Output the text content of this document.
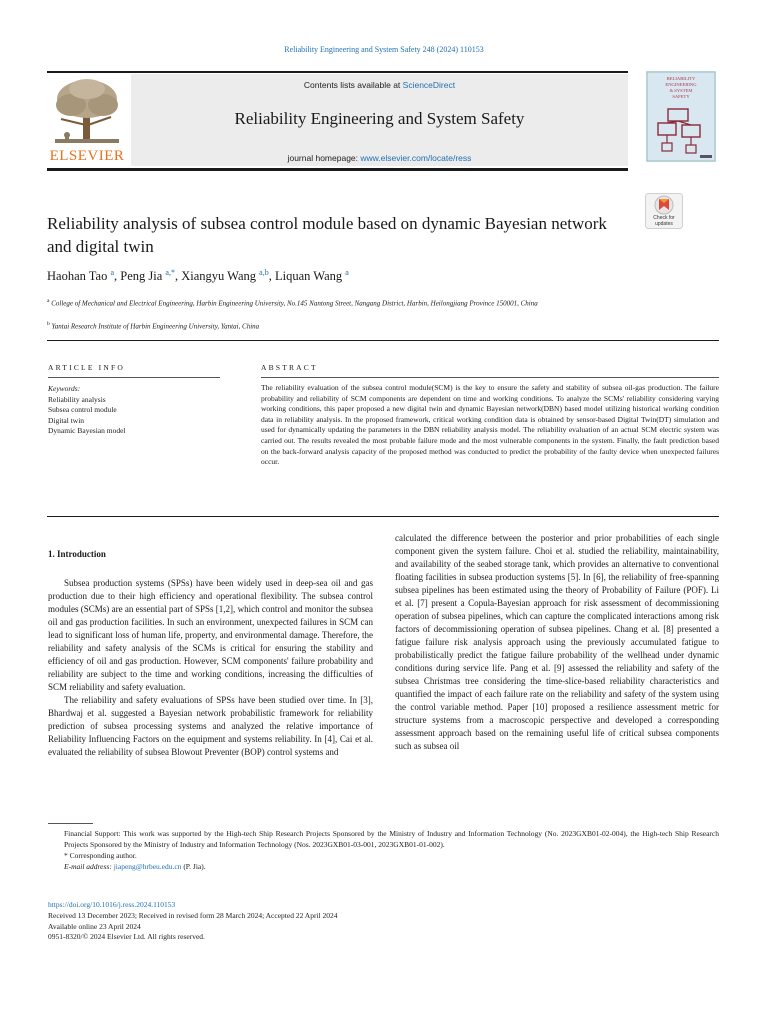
Reliability Engineering and System Safety 248 (2024) 110153
ELSEVIER
Contents lists available at ScienceDirect
Reliability Engineering and System Safety
journal homepage: www.elsevier.com/locate/ress
RELIABILITY
ENGINEERING
& SYSTEM
SAFETY
Reliability analysis of subsea control module based on dynamic Bayesian network and digital twin
Check for
updates
Haohan Tao $^a$, Peng Jia $^{a,*}$, Xiangyu Wang $^{a,b}$, Liquan Wang $^a$
$^a$ College of Mechanical and Electrical Engineering, Harbin Engineering University, No.145 Nantong Street, Nangang District, Harbin, Heilongjiang Province 150001, China
$^b$ Yantai Research Institute of Harbin Engineering University, Yantai, China
ARTICLE INFO
Keywords:
Reliability analysis
Subsea control module
Digital twin
Dynamic Bayesian model
ABSTRACT
The reliability evaluation of the subsea control module(SCM) is the key to ensure the safety and stability of subsea oil-gas production. The failure probability and reliability of SCM components are dependent on time and working conditions. To analyze the SCMs' reliability considering varying working conditions, this paper proposed a new digital twin and dynamic Bayesian network(DBN) based model utilizing historical working condition data in reliability analysis. In the proposed framework, critical working condition data is obtained by sensor-based Digital Twin(DT) simulation and used for dynamically updating the parameters in the DBN reliability analysis model. The reliability evaluation of an actual SCM electric system was carried out. The results revealed the most probable failure mode and the most vulnerable components in the system. Finally, the fault prediction based on the back-forward analysis capacity of the proposed method was conducted to predict the probability of the faulty device when unexpected failures occur.
1. Introduction

Subsea production systems (SPSs) have been widely used in deep-sea oil and gas production due to their high efficiency and operational flexibility. The subsea control modules (SCMs) are an essential part of SPSs [1,2], which control and monitor the subsea oil and gas production facilities. In such an environment, unexpected failures in SCM can lead to significant loss of human life, property, and environmental damage. Therefore, the reliability and safety analysis of the SCMs is critical for ensuring the stability and efficiency of oil and gas production. However, SCM components' failure probability and reliability are subject to the time and working conditions, increasing the difficulties of SCM reliability and safety evaluation.

The reliability and safety evaluations of SPSs have been studied over time. In [3], Bhardwaj et al. suggested a Bayesian network probabilistic framework for reliability prediction of subsea processing systems and analyzed the relative importance of Reliability Influencing Factors on the equipment and systems reliability. In [4], Cai et al. evaluated the reliability of subsea Blowout Preventer (BOP) control systems and

calculated the difference between the posterior and prior probabilities of each single component given the system failure. Choi et al. studied the reliability, maintainability, and availability of the seabed storage tank, which provides an alternative to conventional floating facilities in subsea production systems [5]. In [6], the reliability of free-spanning subsea pipelines has been estimated using the theory of Probability of Failure (POF). Li et al. [7] present a Copula-Bayesian approach for risk assessment of decommissioning operation of subsea pipelines, which can capture the complicated interactions among risk factors of decommissioning operation of subsea pipelines. Chang et al. [8] presented a fatigue failure risk analysis approach using the previously accumulated fatigue to probabilistically predict the fatigue failure probability of the wellhead under dynamic conditions during service life. Pang et al. [9] assessed the reliability and safety of the subsea Christmas tree considering the time-slice-based reliability characteristics and quantified the impact of each failure rate on the reliability and safety of the system using the control variable method. Paper [10] proposed a resilience assessment metric for structure systems from a macroscopic perspective and developed a corresponding assessment approach based on the remaining useful life of critical subsea components such as subsea oil

Financial Support: This work was supported by the High-tech Ship Research Projects Sponsored by the Ministry of Industry and Information Technology (No. 2023GXB01-02-004), the High-tech Ship Research Projects Sponsored by the Ministry of Industry and Information Technology (Nos. 2023GXB01-03-001, 2023GXB01-01-002).
* Corresponding author.
E-mail address: jiapeng@hrbeu.edu.cn (P. Jia).
https://doi.org/10.1016/j.ress.2024.110153
Received 13 December 2023; Received in revised form 28 March 2024; Accepted 22 April 2024
Available online 23 April 2024
0951-8320/© 2024 Elsevier Ltd. All rights reserved.
